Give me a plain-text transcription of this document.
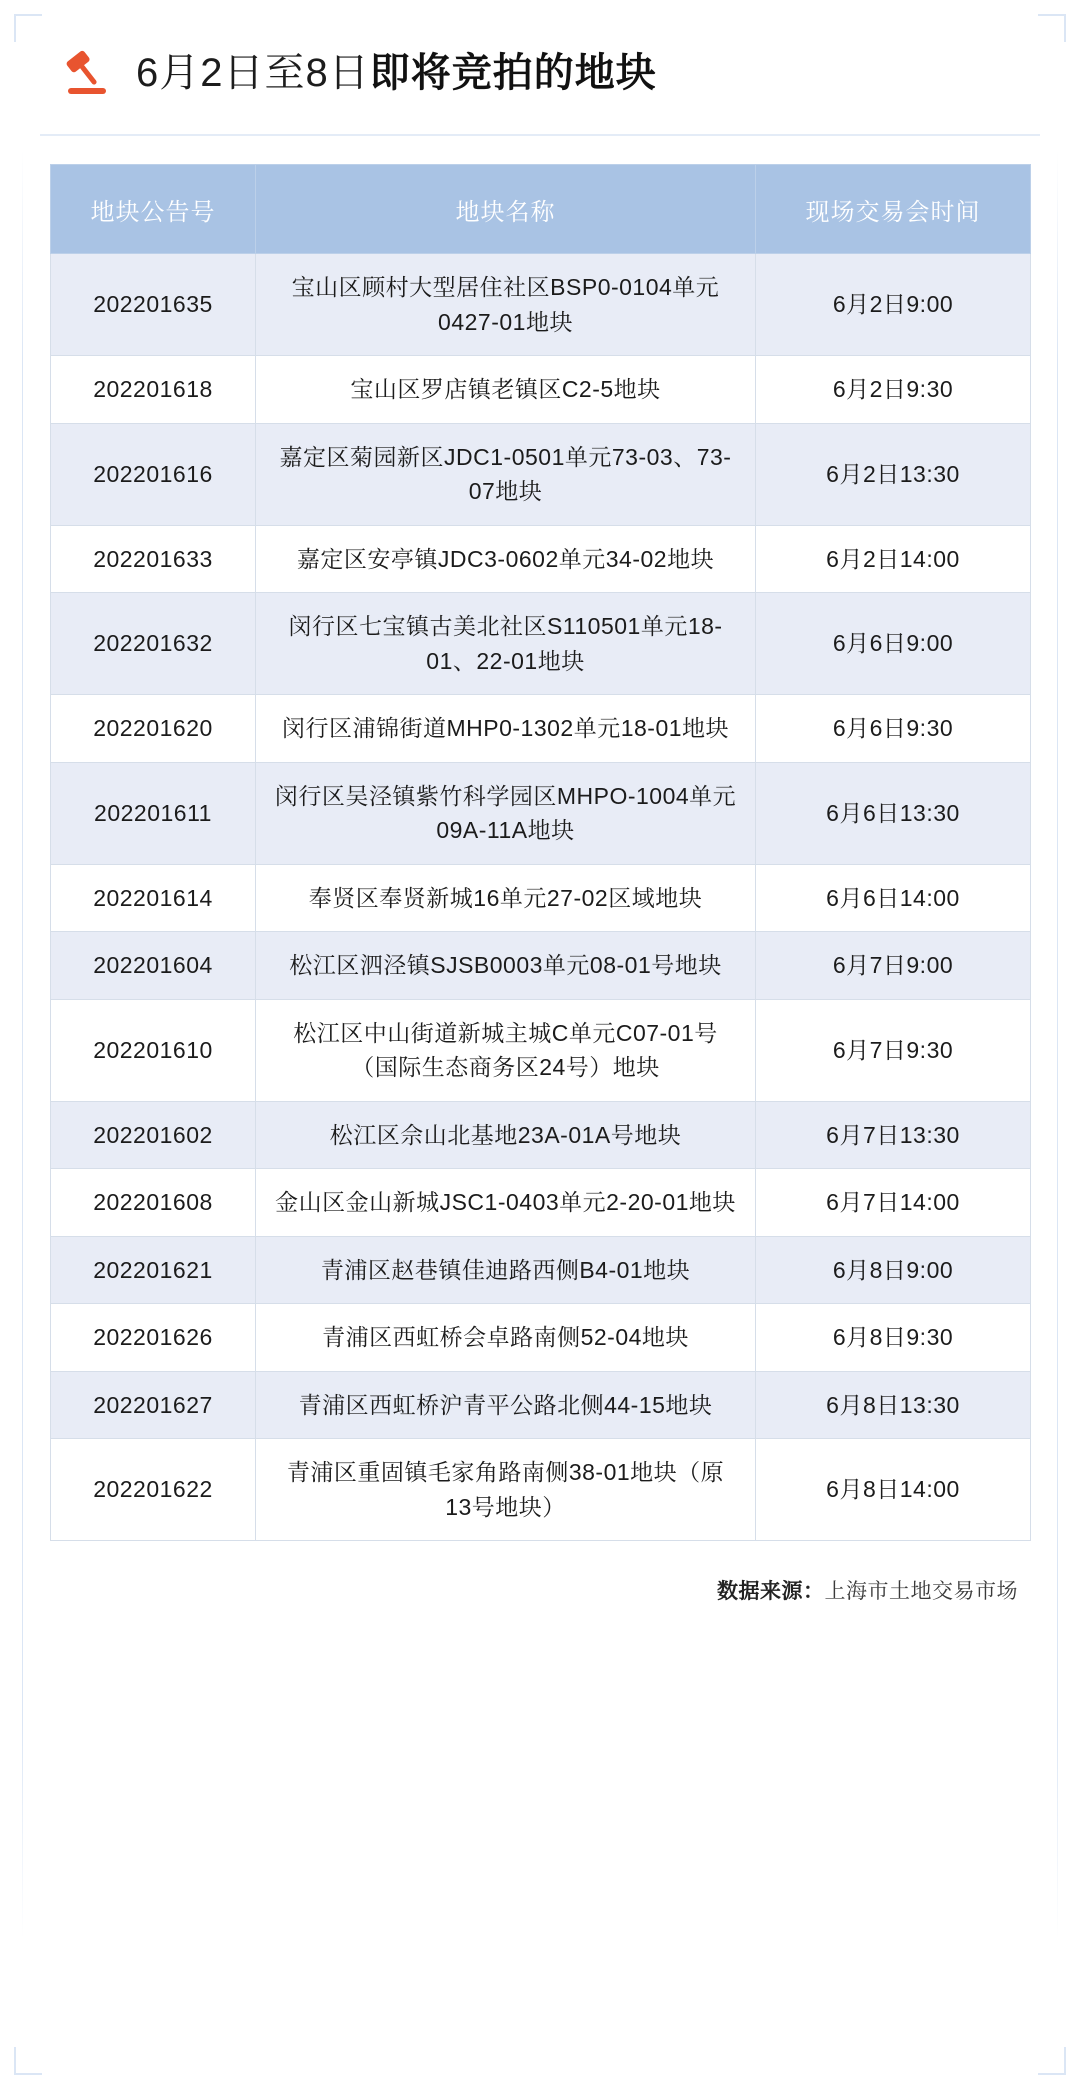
6月2日至8日即将竞拍的地块
地块公告号	地块名称	现场交易会时间
202201635	宝山区顾村大型居住社区BSP0-0104单元0427-01地块	6月2日9:00
202201618	宝山区罗店镇老镇区C2-5地块	6月2日9:30
202201616	嘉定区菊园新区JDC1-0501单元73-03、73-07地块	6月2日13:30
202201633	嘉定区安亭镇JDC3-0602单元34-02地块	6月2日14:00
202201632	闵行区七宝镇古美北社区S110501单元18-01、22-01地块	6月6日9:00
202201620	闵行区浦锦街道MHP0-1302单元18-01地块	6月6日9:30
202201611	闵行区吴泾镇紫竹科学园区MHPO-1004单元09A-11A地块	6月6日13:30
202201614	奉贤区奉贤新城16单元27-02区域地块	6月6日14:00
202201604	松江区泗泾镇SJSB0003单元08-01号地块	6月7日9:00
202201610	松江区中山街道新城主城C单元C07-01号（国际生态商务区24号）地块	6月7日9:30
202201602	松江区佘山北基地23A-01A号地块	6月7日13:30
202201608	金山区金山新城JSC1-0403单元2-20-01地块	6月7日14:00
202201621	青浦区赵巷镇佳迪路西侧B4-01地块	6月8日9:00
202201626	青浦区西虹桥会卓路南侧52-04地块	6月8日9:30
202201627	青浦区西虹桥沪青平公路北侧44-15地块	6月8日13:30
202201622	青浦区重固镇毛家角路南侧38-01地块（原13号地块）	6月8日14:00
数据来源：上海市土地交易市场
